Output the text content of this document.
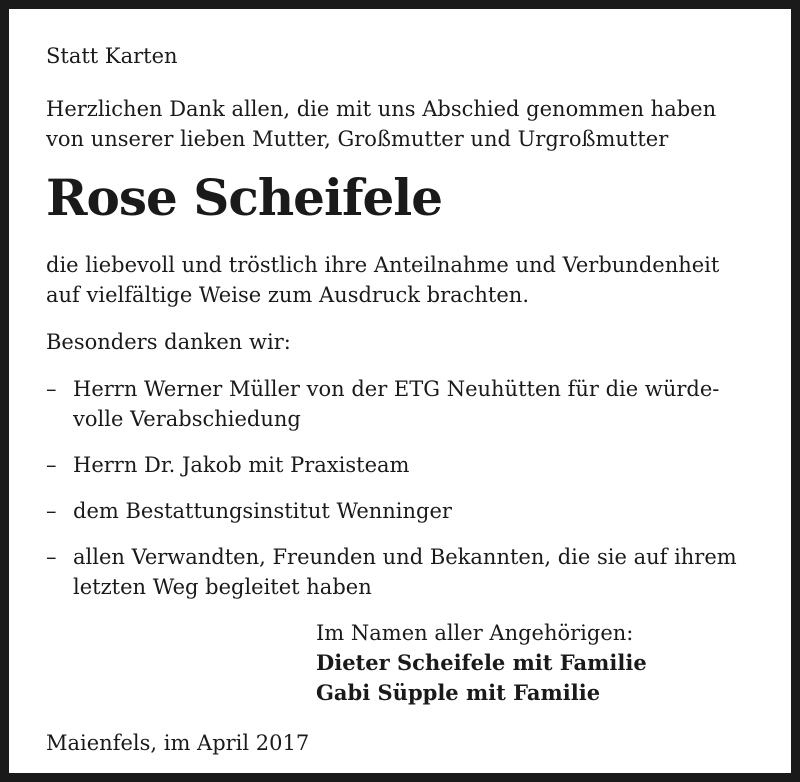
Statt Karten
Herzlichen Dank allen, die mit uns Abschied genommen haben
von unserer lieben Mutter, Großmutter und Urgroßmutter
Rose Scheifele
die liebevoll und tröstlich ihre Anteilnahme und Verbundenheit
auf vielfältige Weise zum Ausdruck brachten.
Besonders danken wir:
– Herrn Werner Müller von der ETG Neuhütten für die würde-
volle Verabschiedung
– Herrn Dr. Jakob mit Praxisteam
– dem Bestattungsinstitut Wenninger
– allen Verwandten, Freunden und Bekannten, die sie auf ihrem
letzten Weg begleitet haben
Im Namen aller Angehörigen:
Dieter Scheifele mit Familie
Gabi Süpple mit Familie
Maienfels, im April 2017
